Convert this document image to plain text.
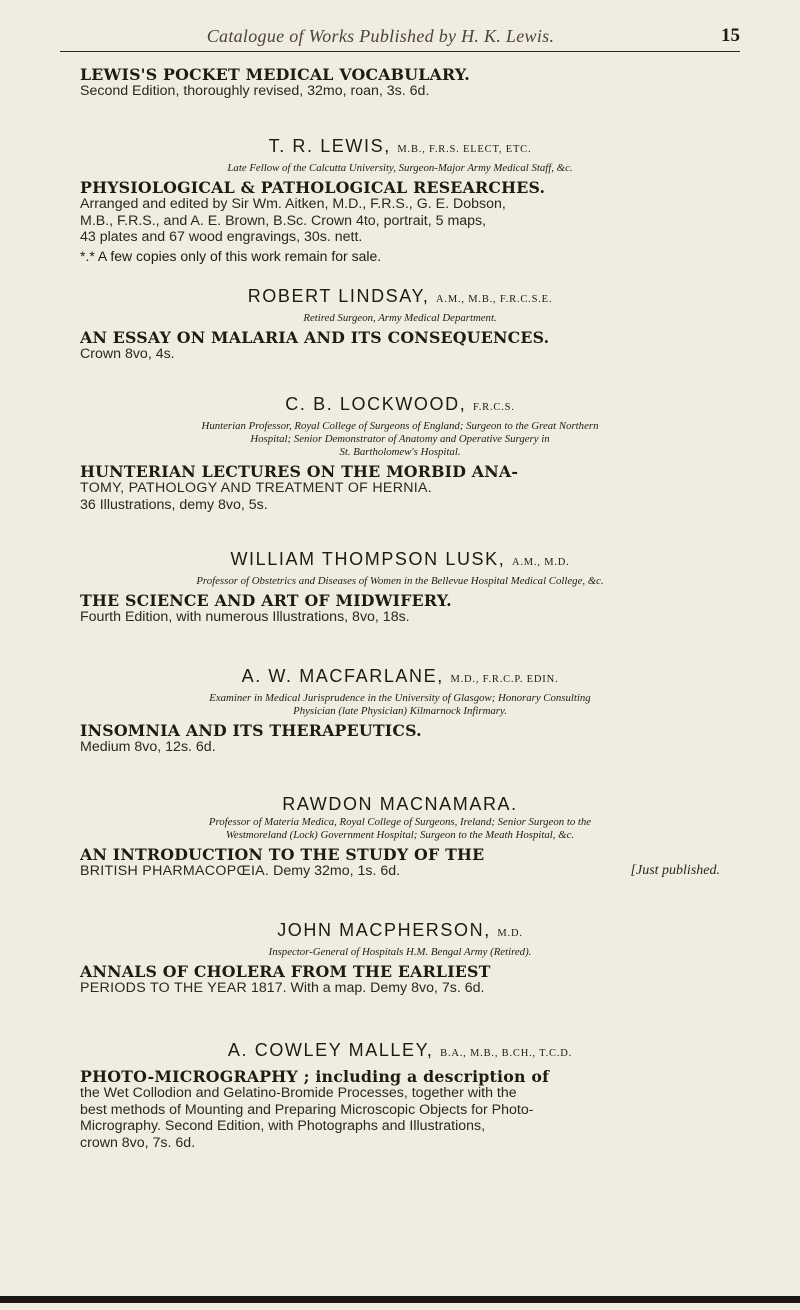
Catalogue of Works Published by H. K. Lewis.	15

LEWIS'S POCKET MEDICAL VOCABULARY.

Second Edition, thoroughly revised, 32mo, roan, 3s. 6d.

T. R. LEWIS, M.B., F.R.S. ELECT, ETC.

Late Fellow of the Calcutta University, Surgeon-Major Army Medical Staff, &c.

PHYSIOLOGICAL & PATHOLOGICAL RESEARCHES.

Arranged and edited by Sir Wm. Aitken, M.D., F.R.S., G. E. Dobson,

M.B., F.R.S., and A. E. Brown, B.Sc. Crown 4to, portrait, 5 maps,

43 plates and 67 wood engravings, 30s. nett.

*.* A few copies only of this work remain for sale.

ROBERT LINDSAY, A.M., M.B., F.R.C.S.E.

Retired Surgeon, Army Medical Department.

AN ESSAY ON MALARIA AND ITS CONSEQUENCES.

Crown 8vo, 4s.

C. B. LOCKWOOD, F.R.C.S.

Hunterian Professor, Royal College of Surgeons of England; Surgeon to the Great Northern

Hospital; Senior Demonstrator of Anatomy and Operative Surgery in

St. Bartholomew's Hospital.

HUNTERIAN LECTURES ON THE MORBID ANA-

TOMY, PATHOLOGY AND TREATMENT OF HERNIA.

36 Illustrations, demy 8vo, 5s.

WILLIAM THOMPSON LUSK, A.M., M.D.

Professor of Obstetrics and Diseases of Women in the Bellevue Hospital Medical College, &c.

THE SCIENCE AND ART OF MIDWIFERY.

Fourth Edition, with numerous Illustrations, 8vo, 18s.

A. W. MACFARLANE, M.D., F.R.C.P. EDIN.

Examiner in Medical Jurisprudence in the University of Glasgow; Honorary Consulting

Physician (late Physician) Kilmarnock Infirmary.

INSOMNIA AND ITS THERAPEUTICS.

Medium 8vo, 12s. 6d.

RAWDON MACNAMARA.

Professor of Materia Medica, Royal College of Surgeons, Ireland; Senior Surgeon to the

Westmoreland (Lock) Government Hospital; Surgeon to the Meath Hospital, &c.

AN INTRODUCTION TO THE STUDY OF THE

BRITISH PHARMACOPŒIA. Demy 32mo, 1s. 6d.	[Just published.

JOHN MACPHERSON, M.D.

Inspector-General of Hospitals H.M. Bengal Army (Retired).

ANNALS OF CHOLERA FROM THE EARLIEST

PERIODS TO THE YEAR 1817. With a map. Demy 8vo, 7s. 6d.

A. COWLEY MALLEY, B.A., M.B., B.CH., T.C.D.

PHOTO-MICROGRAPHY ; including a description of

the Wet Collodion and Gelatino-Bromide Processes, together with the

best methods of Mounting and Preparing Microscopic Objects for Photo-

Micrography. Second Edition, with Photographs and Illustrations,

crown 8vo, 7s. 6d.
